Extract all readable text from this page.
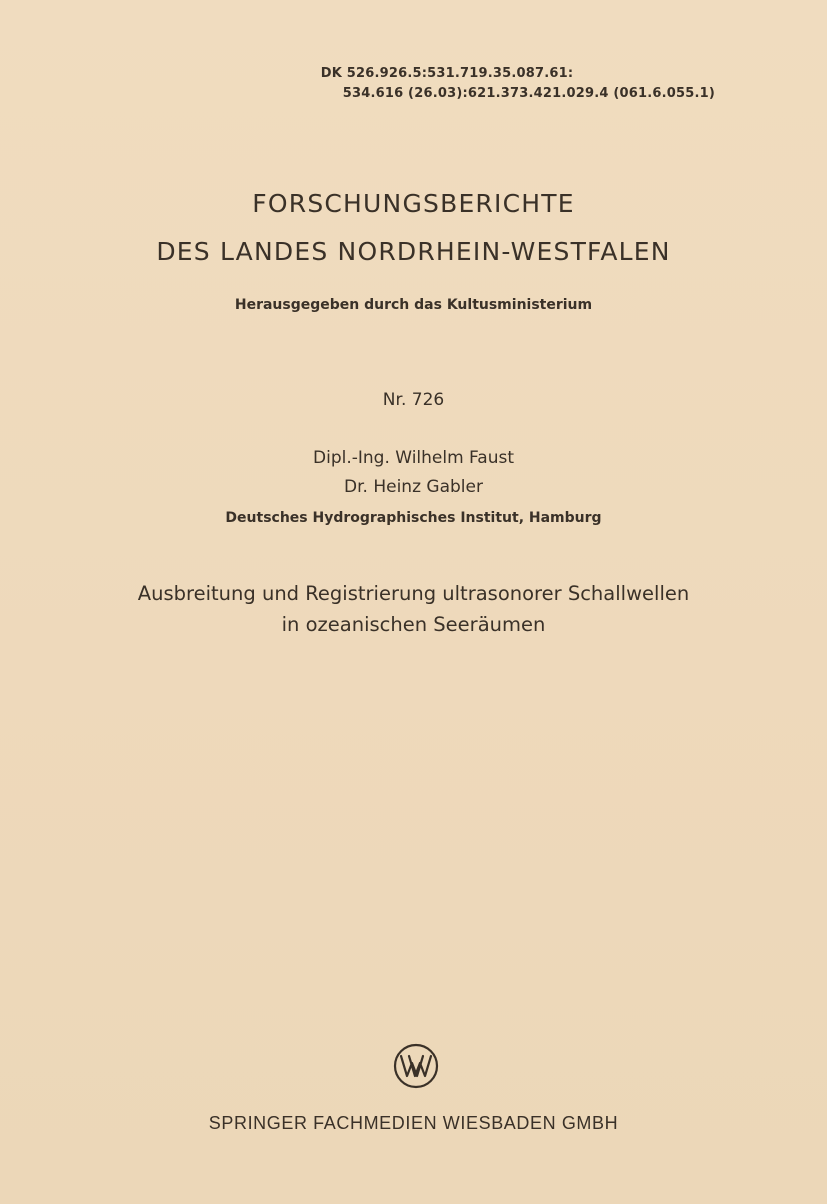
DK 526.926.5:531.719.35.087.61:
534.616 (26.03):621.373.421.029.4 (061.6.055.1)
FORSCHUNGSBERICHTE
DES LANDES NORDRHEIN-WESTFALEN
Herausgegeben durch das Kultusministerium
Nr. 726
Dipl.-Ing. Wilhelm Faust
Dr. Heinz Gabler
Deutsches Hydrographisches Institut, Hamburg
Ausbreitung und Registrierung ultrasonorer Schallwellen
in ozeanischen Seeräumen
SPRINGER FACHMEDIEN WIESBADEN GMBH
